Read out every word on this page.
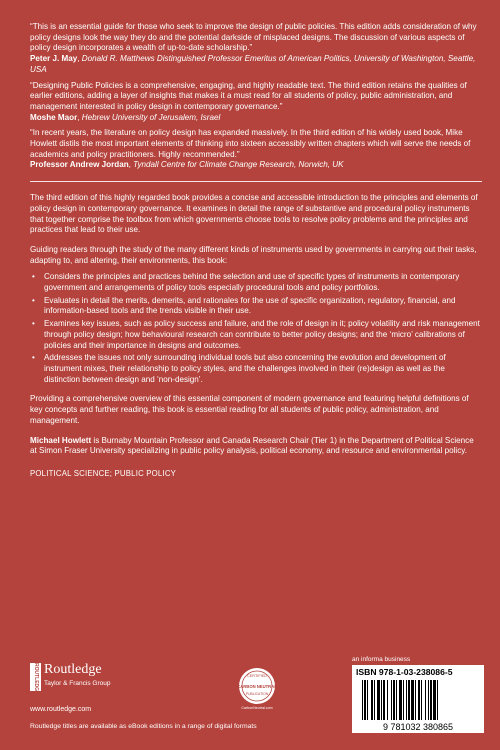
“This is an essential guide for those who seek to improve the design of public policies. This edition adds consideration of why policy designs look the way they do and the potential darkside of misplaced designs. The discussion of various aspects of policy design incorporates a wealth of up-to-date scholarship.”
Peter J. May, Donald R. Matthews Distinguished Professor Emeritus of American Politics, University of Washington, Seattle, USA
“Designing Public Policies is a comprehensive, engaging, and highly readable text. The third edition retains the qualities of earlier editions, adding a layer of insights that makes it a must read for all students of policy, public administration, and management interested in policy design in contemporary governance.”
Moshe Maor, Hebrew University of Jerusalem, Israel
“In recent years, the literature on policy design has expanded massively. In the third edition of his widely used book, Mike Howlett distils the most important elements of thinking into sixteen accessibly written chapters which will serve the needs of academics and policy practitioners. Highly recommended.”
Professor Andrew Jordan, Tyndall Centre for Climate Change Research, Norwich, UK

The third edition of this highly regarded book provides a concise and accessible introduction to the principles and elements of policy design in contemporary governance. It examines in detail the range of substantive and procedural policy instruments that together comprise the toolbox from which governments choose tools to resolve policy problems and the principles and practices that lead to their use.

Guiding readers through the study of the many different kinds of instruments used by governments in carrying out their tasks, adapting to, and altering, their environments, this book:

• Considers the principles and practices behind the selection and use of specific types of instruments in contemporary government and arrangements of policy tools especially procedural tools and policy portfolios.
• Evaluates in detail the merits, demerits, and rationales for the use of specific organization, regulatory, financial, and information-based tools and the trends visible in their use.
• Examines key issues, such as policy success and failure, and the role of design in it; policy volatility and risk management through policy design; how behavioural research can contribute to better policy designs; and the ‘micro’ calibrations of policies and their importance in designs and outcomes.
• Addresses the issues not only surrounding individual tools but also concerning the evolution and development of instrument mixes, their relationship to policy styles, and the challenges involved in their (re)design as well as the distinction between design and ‘non-design’.

Providing a comprehensive overview of this essential component of modern governance and featuring helpful definitions of key concepts and further reading, this book is essential reading for all students of public policy, administration, and management.

Michael Howlett is Burnaby Mountain Professor and Canada Research Chair (Tier 1) in the Department of Political Science at Simon Fraser University specializing in public policy analysis, political economy, and resource and environmental policy.

POLITICAL SCIENCE; PUBLIC POLICY
ROUTLEDGE Routledge
Taylor & Francis Group
www.routledge.com
Routledge titles are available as eBook editions in a range of digital formats
CERTIFIED
CARBON NEUTRAL
PUBLICATION
CarbonNeutral.com
an informa business
ISBN 978-1-03-238086-5
9 781032 380865
